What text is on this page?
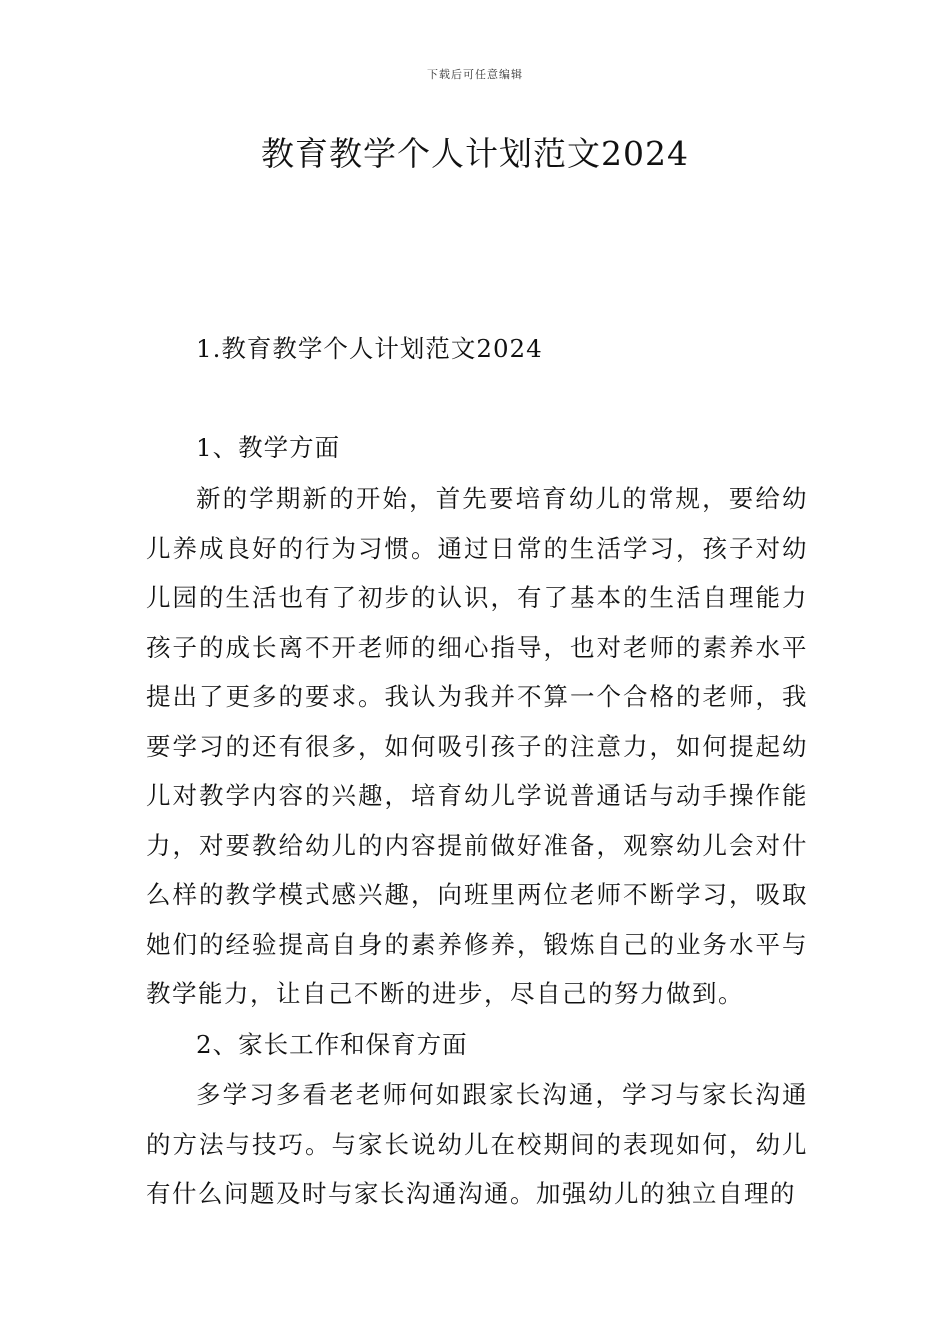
下载后可任意编辑
教育教学个人计划范文2024
1.教育教学个人计划范文2024
1、教学方面

新的学期新的开始，首先要培育幼儿的常规，要给幼儿养成良好的行为习惯。通过日常的生活学习，孩子对幼儿园的生活也有了初步的认识，有了基本的生活自理能力孩子的成长离不开老师的细心指导，也对老师的素养水平提出了更多的要求。我认为我并不算一个合格的老师，我要学习的还有很多，如何吸引孩子的注意力，如何提起幼儿对教学内容的兴趣，培育幼儿学说普通话与动手操作能力，对要教给幼儿的内容提前做好准备，观察幼儿会对什么样的教学模式感兴趣，向班里两位老师不断学习，吸取她们的经验提高自身的素养修养，锻炼自己的业务水平与教学能力，让自己不断的进步，尽自己的努力做到。

2、家长工作和保育方面

多学习多看老老师何如跟家长沟通，学习与家长沟通的方法与技巧。与家长说幼儿在校期间的表现如何，幼儿有什么问题及时与家长沟通沟通。加强幼儿的独立自理的
